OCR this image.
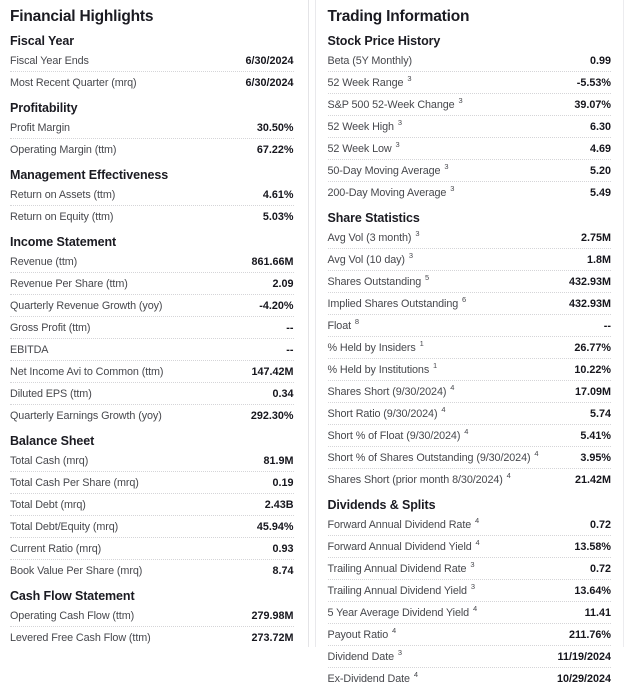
Financial Highlights
Fiscal Year
Fiscal Year Ends	6/30/2024
Most Recent Quarter (mrq)	6/30/2024
Profitability
Profit Margin	30.50%
Operating Margin (ttm)	67.22%
Management Effectiveness
Return on Assets (ttm)	4.61%
Return on Equity (ttm)	5.03%
Income Statement
Revenue (ttm)	861.66M
Revenue Per Share (ttm)	2.09
Quarterly Revenue Growth (yoy)	-4.20%
Gross Profit (ttm)	--
EBITDA	--
Net Income Avi to Common (ttm)	147.42M
Diluted EPS (ttm)	0.34
Quarterly Earnings Growth (yoy)	292.30%
Balance Sheet
Total Cash (mrq)	81.9M
Total Cash Per Share (mrq)	0.19
Total Debt (mrq)	2.43B
Total Debt/Equity (mrq)	45.94%
Current Ratio (mrq)	0.93
Book Value Per Share (mrq)	8.74
Cash Flow Statement
Operating Cash Flow (ttm)	279.98M
Levered Free Cash Flow (ttm)	273.72M
Trading Information
Stock Price History
Beta (5Y Monthly)	0.99
52 Week Range $^3$	-5.53%
S&P 500 52-Week Change $^3$	39.07%
52 Week High $^3$	6.30
52 Week Low $^3$	4.69
50-Day Moving Average $^3$	5.20
200-Day Moving Average $^3$	5.49
Share Statistics
Avg Vol (3 month) $^3$	2.75M
Avg Vol (10 day) $^3$	1.8M
Shares Outstanding $^5$	432.93M
Implied Shares Outstanding $^6$	432.93M
Float $^8$	--
% Held by Insiders $^1$	26.77%
% Held by Institutions $^1$	10.22%
Shares Short (9/30/2024) $^4$	17.09M
Short Ratio (9/30/2024) $^4$	5.74
Short % of Float (9/30/2024) $^4$	5.41%
Short % of Shares Outstanding (9/30/2024) $^4$	3.95%
Shares Short (prior month 8/30/2024) $^4$	21.42M
Dividends & Splits
Forward Annual Dividend Rate $^4$	0.72
Forward Annual Dividend Yield $^4$	13.58%
Trailing Annual Dividend Rate $^3$	0.72
Trailing Annual Dividend Yield $^3$	13.64%
5 Year Average Dividend Yield $^4$	11.41
Payout Ratio $^4$	211.76%
Dividend Date $^3$	11/19/2024
Ex-Dividend Date $^4$	10/29/2024
